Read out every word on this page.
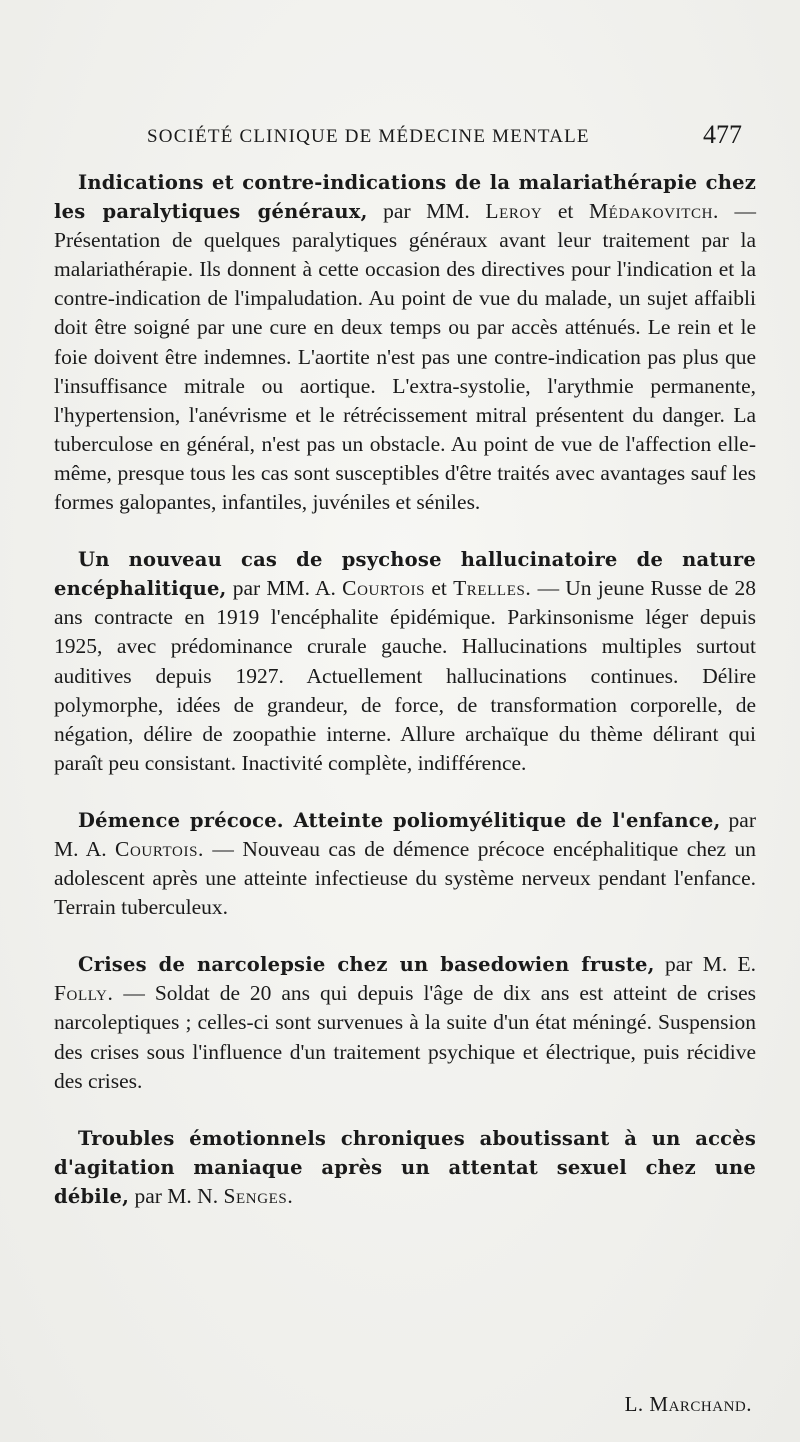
SOCIÉTÉ CLINIQUE DE MÉDECINE MENTALE	477

Indications et contre-indications de la malariathérapie chez les paralytiques généraux, par MM. Leroy et Médakovitch. — Présentation de quelques paralytiques généraux avant leur traitement par la malariathérapie. Ils donnent à cette occasion des directives pour l'indication et la contre-indication de l'impaludation. Au point de vue du malade, un sujet affaibli doit être soigné par une cure en deux temps ou par accès atténués. Le rein et le foie doivent être indemnes. L'aortite n'est pas une contre-indication pas plus que l'insuffisance mitrale ou aortique. L'extra-systolie, l'arythmie permanente, l'hypertension, l'anévrisme et le rétrécissement mitral présentent du danger. La tuberculose en général, n'est pas un obstacle. Au point de vue de l'affection elle-même, presque tous les cas sont susceptibles d'être traités avec avantages sauf les formes galopantes, infantiles, juvéniles et séniles.

Un nouveau cas de psychose hallucinatoire de nature encéphalitique, par MM. A. Courtois et Trelles. — Un jeune Russe de 28 ans contracte en 1919 l'encéphalite épidémique. Parkinsonisme léger depuis 1925, avec prédominance crurale gauche. Hallucinations multiples surtout auditives depuis 1927. Actuellement hallucinations continues. Délire polymorphe, idées de grandeur, de force, de transformation corporelle, de négation, délire de zoopathie interne. Allure archaïque du thème délirant qui paraît peu consistant. Inactivité complète, indifférence.

Démence précoce. Atteinte poliomyélitique de l'enfance, par M. A. Courtois. — Nouveau cas de démence précoce encéphalitique chez un adolescent après une atteinte infectieuse du système nerveux pendant l'enfance. Terrain tuberculeux.

Crises de narcolepsie chez un basedowien fruste, par M. E. Folly. — Soldat de 20 ans qui depuis l'âge de dix ans est atteint de crises narcoleptiques ; celles-ci sont survenues à la suite d'un état méningé. Suspension des crises sous l'influence d'un traitement psychique et électrique, puis récidive des crises.

Troubles émotionnels chroniques aboutissant à un accès d'agitation maniaque après un attentat sexuel chez une débile, par M. N. Senges.

L. Marchand.
